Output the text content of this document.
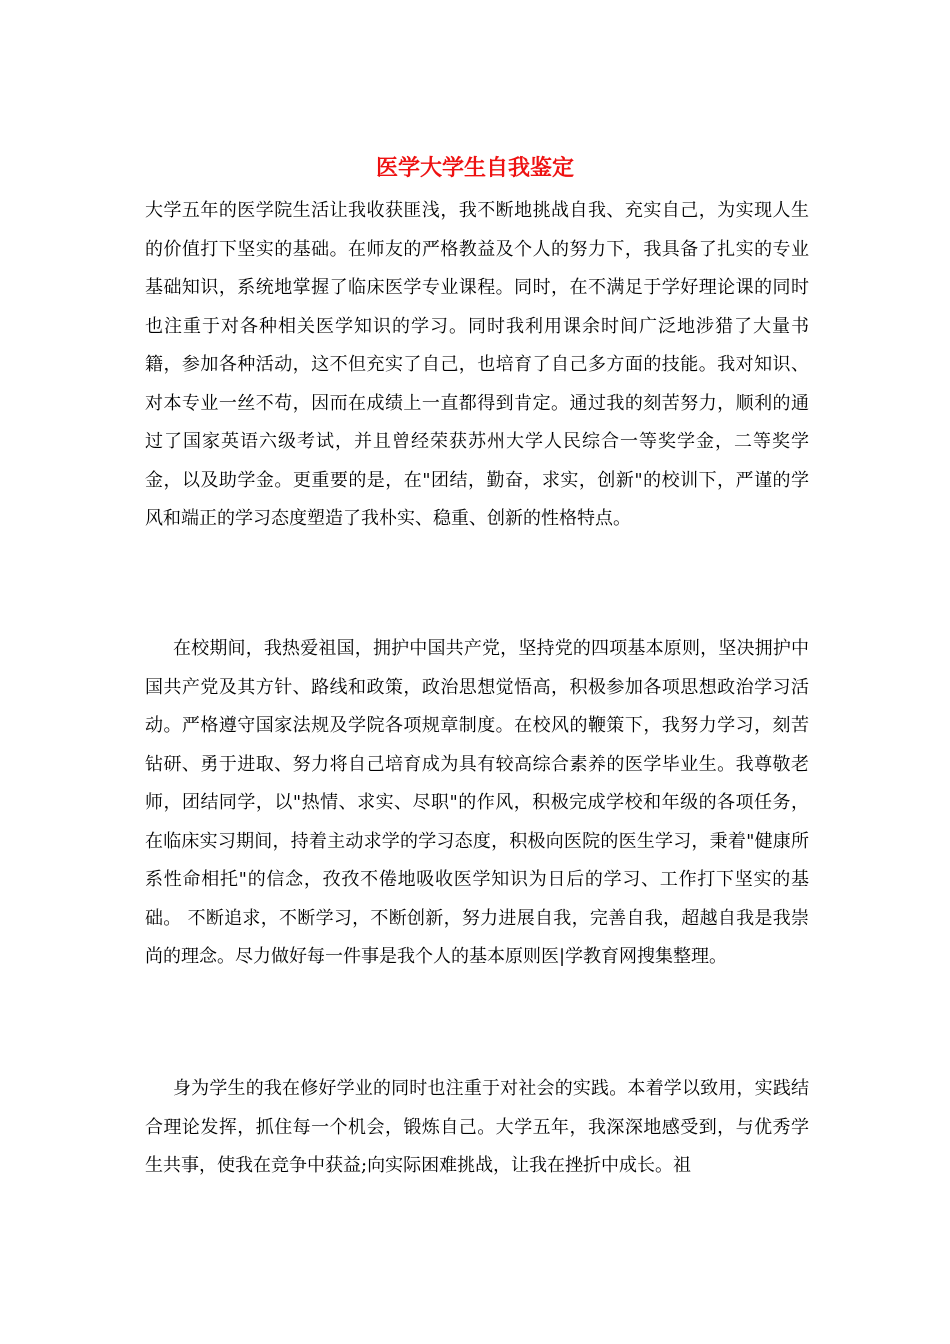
医学大学生自我鉴定

大学五年的医学院生活让我收获匪浅，我不断地挑战自我、充实自己，为实现人生的价值打下坚实的基础。在师友的严格教益及个人的努力下，我具备了扎实的专业基础知识，系统地掌握了临床医学专业课程。同时，在不满足于学好理论课的同时也注重于对各种相关医学知识的学习。同时我利用课余时间广泛地涉猎了大量书籍，参加各种活动，这不但充实了自己，也培育了自己多方面的技能。我对知识、对本专业一丝不苟，因而在成绩上一直都得到肯定。通过我的刻苦努力，顺利的通过了国家英语六级考试，并且曾经荣获苏州大学人民综合一等奖学金，二等奖学金，以及助学金。更重要的是，在"团结，勤奋，求实，创新"的校训下，严谨的学风和端正的学习态度塑造了我朴实、稳重、创新的性格特点。

在校期间，我热爱祖国，拥护中国共产党，坚持党的四项基本原则，坚决拥护中国共产党及其方针、路线和政策，政治思想觉悟高，积极参加各项思想政治学习活动。严格遵守国家法规及学院各项规章制度。在校风的鞭策下，我努力学习，刻苦钻研、勇于进取、努力将自己培育成为具有较高综合素养的医学毕业生。我尊敬老师，团结同学，以"热情、求实、尽职"的作风，积极完成学校和年级的各项任务，在临床实习期间，持着主动求学的学习态度，积极向医院的医生学习，秉着"健康所系性命相托"的信念，孜孜不倦地吸收医学知识为日后的学习、工作打下坚实的基础。 不断追求，不断学习，不断创新，努力进展自我，完善自我，超越自我是我崇尚的理念。尽力做好每一件事是我个人的基本原则医|学教育网搜集整理。

身为学生的我在修好学业的同时也注重于对社会的实践。本着学以致用，实践结合理论发挥，抓住每一个机会，锻炼自己。大学五年，我深深地感受到，与优秀学生共事，使我在竞争中获益;向实际困难挑战，让我在挫折中成长。祖
